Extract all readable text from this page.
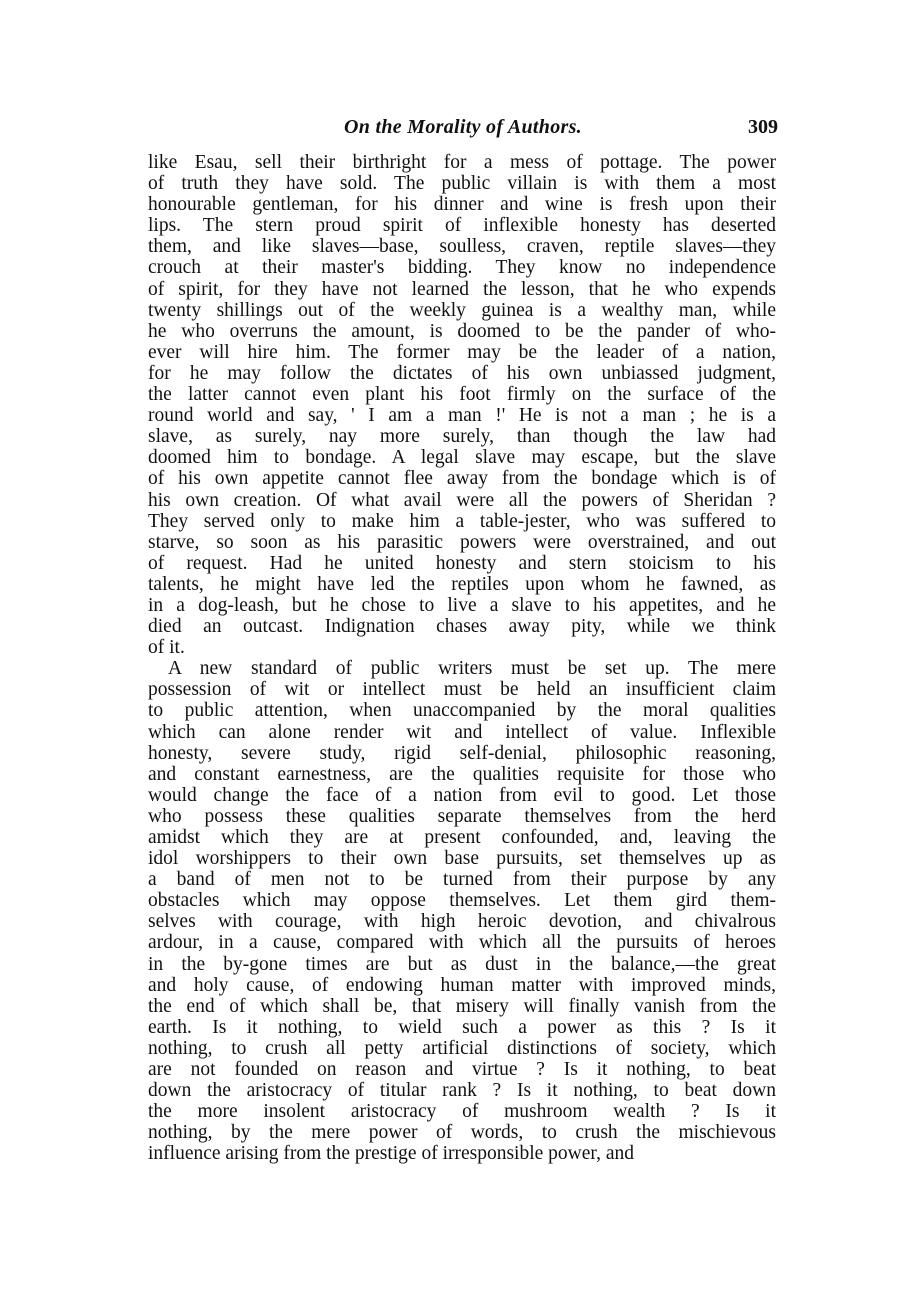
On the Morality of Authors.	309
like Esau, sell their birthright for a mess of pottage. The power
of truth they have sold. The public villain is with them a most
honourable gentleman, for his dinner and wine is fresh upon their
lips. The stern proud spirit of inflexible honesty has deserted
them, and like slaves—base, soulless, craven, reptile slaves—they
crouch at their master's bidding. They know no independence
of spirit, for they have not learned the lesson, that he who expends
twenty shillings out of the weekly guinea is a wealthy man, while
he who overruns the amount, is doomed to be the pander of who-
ever will hire him. The former may be the leader of a nation,
for he may follow the dictates of his own unbiassed judgment,
the latter cannot even plant his foot firmly on the surface of the
round world and say, ' I am a man !' He is not a man ; he is a
slave, as surely, nay more surely, than though the law had
doomed him to bondage. A legal slave may escape, but the slave
of his own appetite cannot flee away from the bondage which is of
his own creation. Of what avail were all the powers of Sheridan ?
They served only to make him a table-jester, who was suffered to
starve, so soon as his parasitic powers were overstrained, and out
of request. Had he united honesty and stern stoicism to his
talents, he might have led the reptiles upon whom he fawned, as
in a dog-leash, but he chose to live a slave to his appetites, and he
died an outcast. Indignation chases away pity, while we think
of it.
A new standard of public writers must be set up. The mere
possession of wit or intellect must be held an insufficient claim
to public attention, when unaccompanied by the moral qualities
which can alone render wit and intellect of value. Inflexible
honesty, severe study, rigid self-denial, philosophic reasoning,
and constant earnestness, are the qualities requisite for those who
would change the face of a nation from evil to good. Let those
who possess these qualities separate themselves from the herd
amidst which they are at present confounded, and, leaving the
idol worshippers to their own base pursuits, set themselves up as
a band of men not to be turned from their purpose by any
obstacles which may oppose themselves. Let them gird them-
selves with courage, with high heroic devotion, and chivalrous
ardour, in a cause, compared with which all the pursuits of heroes
in the by-gone times are but as dust in the balance,—the great
and holy cause, of endowing human matter with improved minds,
the end of which shall be, that misery will finally vanish from the
earth. Is it nothing, to wield such a power as this ? Is it
nothing, to crush all petty artificial distinctions of society, which
are not founded on reason and virtue ? Is it nothing, to beat
down the aristocracy of titular rank ? Is it nothing, to beat down
the more insolent aristocracy of mushroom wealth ? Is it
nothing, by the mere power of words, to crush the mischievous
influence arising from the prestige of irresponsible power, and
